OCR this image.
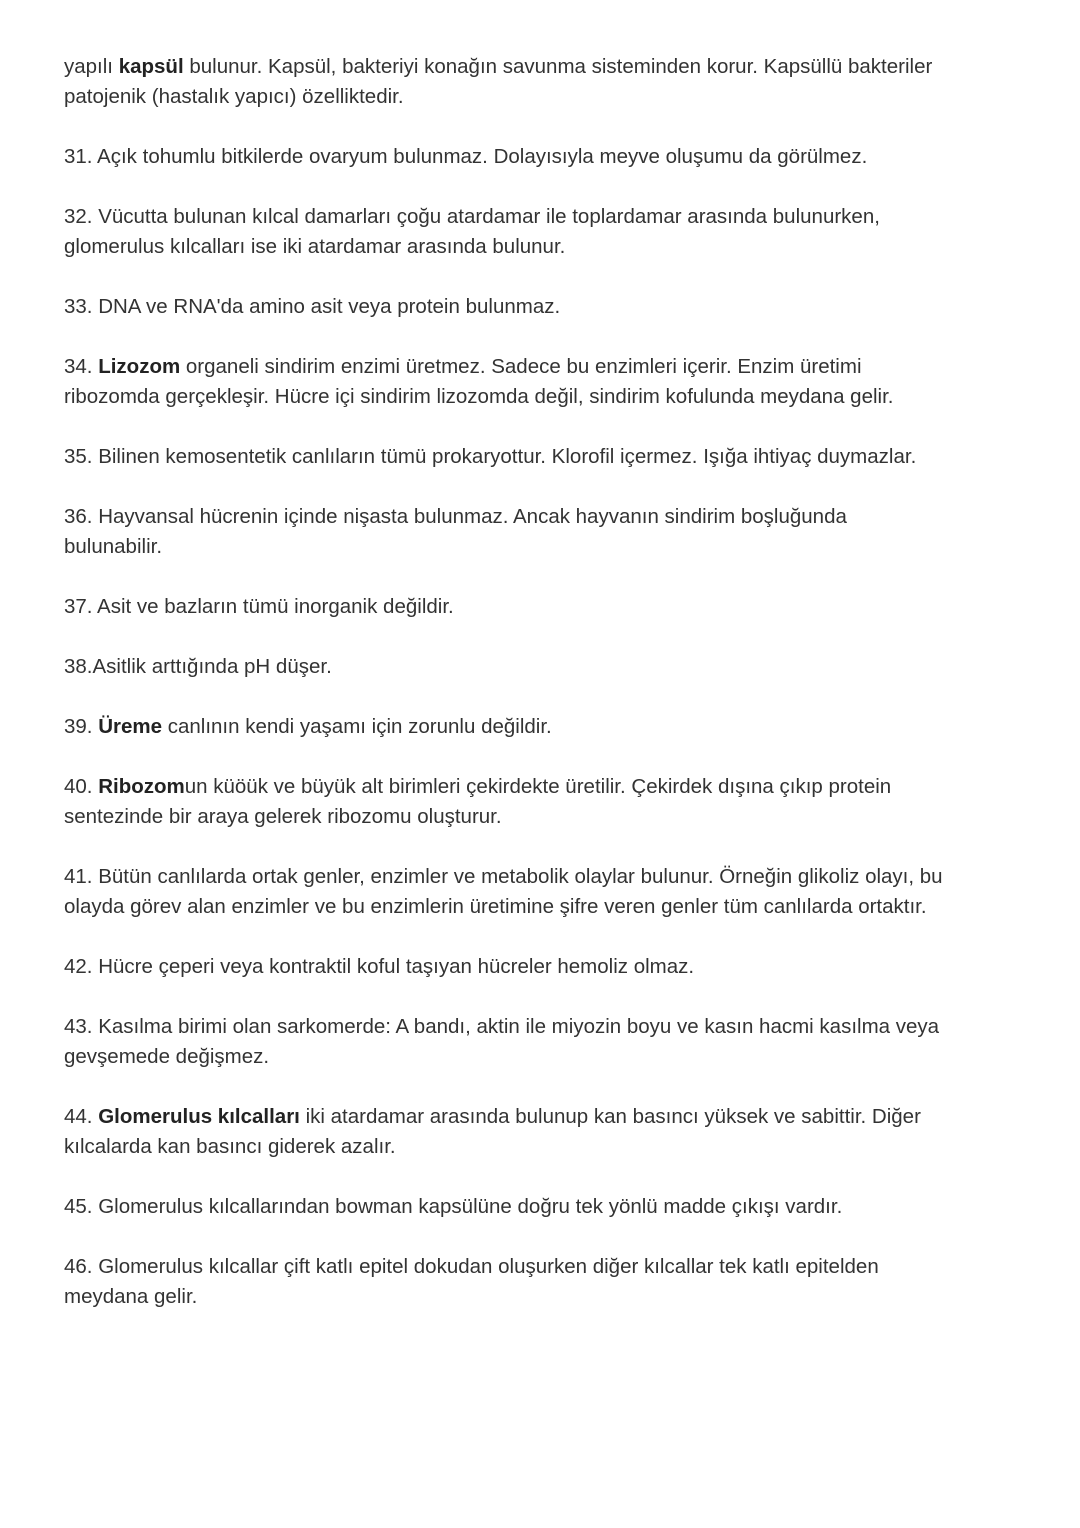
yapılı kapsül bulunur. Kapsül, bakteriyi konağın savunma sisteminden korur. Kapsüllü bakteriler patojenik (hastalık yapıcı) özelliktedir.

31. Açık tohumlu bitkilerde ovaryum bulunmaz. Dolayısıyla meyve oluşumu da görülmez.

32. Vücutta bulunan kılcal damarları çoğu atardamar ile toplardamar arasında bulunurken, glomerulus kılcalları ise iki atardamar arasında bulunur.

33. DNA ve RNA'da amino asit veya protein bulunmaz.

34. Lizozom organeli sindirim enzimi üretmez. Sadece bu enzimleri içerir. Enzim üretimi ribozomda gerçekleşir. Hücre içi sindirim lizozomda değil, sindirim kofulunda meydana gelir.

35. Bilinen kemosentetik canlıların tümü prokaryottur. Klorofil içermez. Işığa ihtiyaç duymazlar.

36. Hayvansal hücrenin içinde nişasta bulunmaz. Ancak hayvanın sindirim boşluğunda bulunabilir.

37. Asit ve bazların tümü inorganik değildir.

38.Asitlik arttığında pH düşer.

39. Üreme canlının kendi yaşamı için zorunlu değildir.

40. Ribozomun küöük ve büyük alt birimleri çekirdekte üretilir. Çekirdek dışına çıkıp protein sentezinde bir araya gelerek ribozomu oluşturur.

41. Bütün canlılarda ortak genler, enzimler ve metabolik olaylar bulunur. Örneğin glikoliz olayı, bu olayda görev alan enzimler ve bu enzimlerin üretimine şifre veren genler tüm canlılarda ortaktır.

42. Hücre çeperi veya kontraktil koful taşıyan hücreler hemoliz olmaz.

43. Kasılma birimi olan sarkomerde: A bandı, aktin ile miyozin boyu ve kasın hacmi kasılma veya gevşemede değişmez.

44. Glomerulus kılcalları iki atardamar arasında bulunup kan basıncı yüksek ve sabittir. Diğer kılcalarda kan basıncı giderek azalır.

45. Glomerulus kılcallarından bowman kapsülüne doğru tek yönlü madde çıkışı vardır.

46. Glomerulus kılcallar çift katlı epitel dokudan oluşurken diğer kılcallar tek katlı epitelden meydana gelir.
